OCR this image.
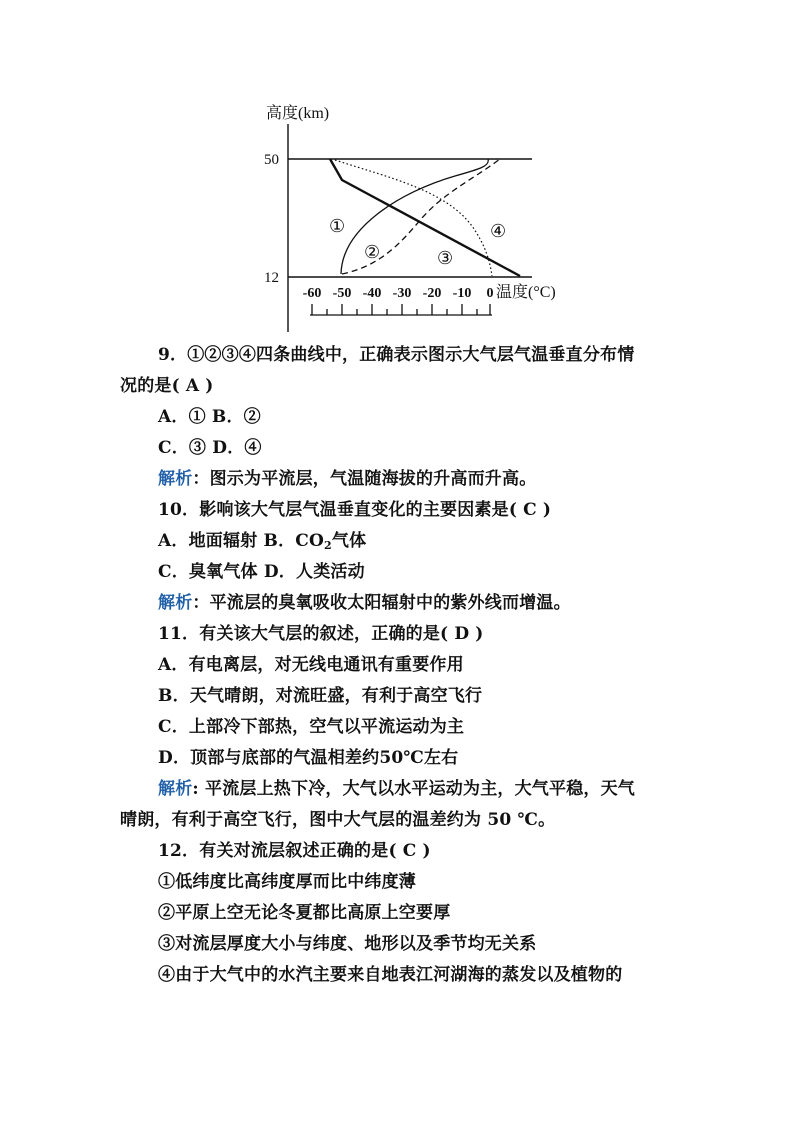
高度(km)
50
12
①
②	③
④
-60 -50 -40 -30 -20 -10 0 温度(°C)
9．①②③④四条曲线中，正确表示图示大气层气温垂直分布情
况的是( A )
A．① B．②
C．③ D．④
解析：图示为平流层，气温随海拔的升高而升高。
10．影响该大气层气温垂直变化的主要因素是( C )
A．地面辐射 B．$CO_2$气体
C．臭氧气体 D．人类活动
解析：平流层的臭氧吸收太阳辐射中的紫外线而增温。
11．有关该大气层的叙述，正确的是( D )
A．有电离层，对无线电通讯有重要作用
B．天气晴朗，对流旺盛，有利于高空飞行
C．上部冷下部热，空气以平流运动为主
D．顶部与底部的气温相差约50℃左右
解析: 平流层上热下冷，大气以水平运动为主，大气平稳，天气
晴朗，有利于高空飞行，图中大气层的温差约为 50 ℃。
12．有关对流层叙述正确的是( C )
①低纬度比高纬度厚而比中纬度薄
②平原上空无论冬夏都比高原上空要厚
③对流层厚度大小与纬度、地形以及季节均无关系
④由于大气中的水汽主要来自地表江河湖海的蒸发以及植物的
